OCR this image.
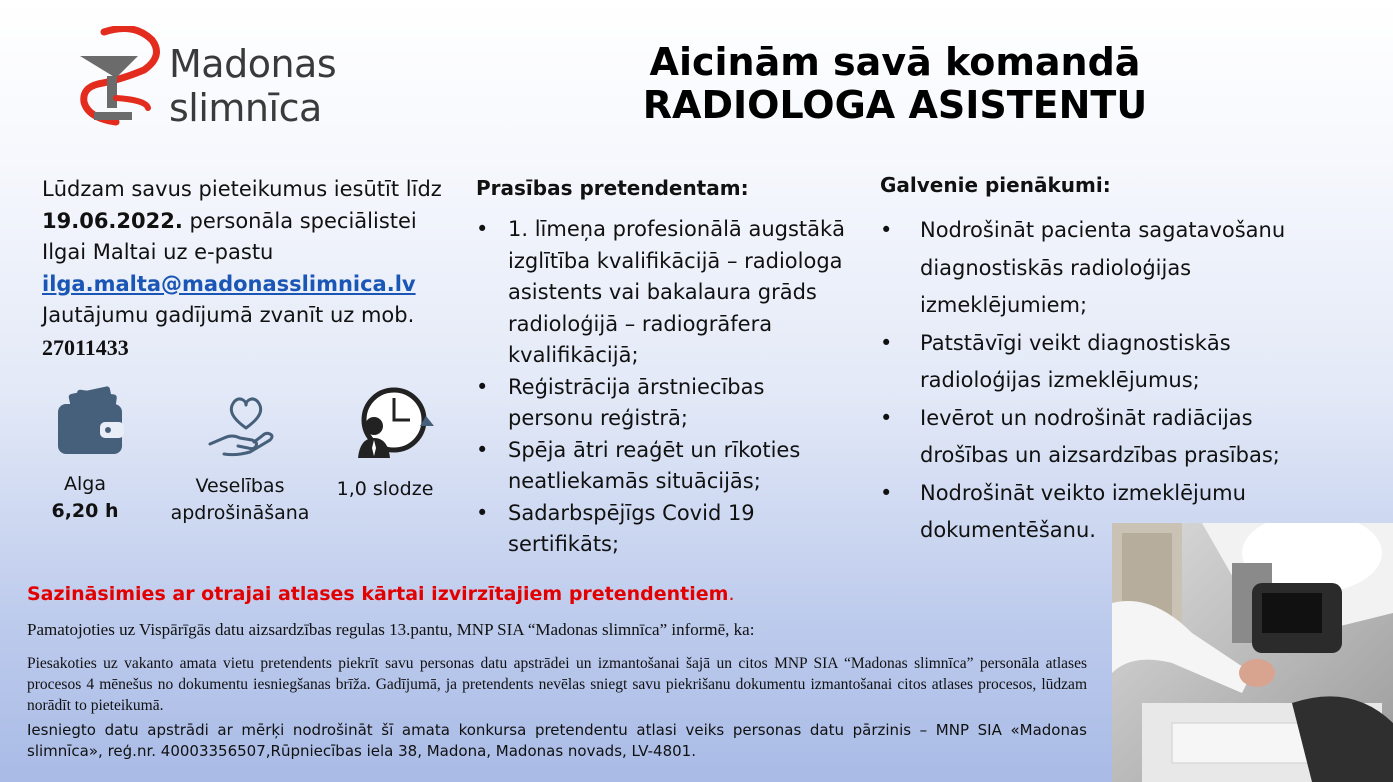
Madonas
slimnīca
Aicinām savā komandā
RADIOLOGA ASISTENTU
Lūdzam savus pieteikumus iesūtīt līdz
19.06.2022. personāla speciālistei
Ilgai Maltai uz e-pastu
ilga.malta@madonasslimnica.lv
Jautājumu gadījumā zvanīt uz mob.
27011433
Alga
6,20 h
Veselības
apdrošināšana
1,0 slodze
Prasības pretendentam:
• 1. līmeņa profesionālā augstākā izglītība kvalifikācijā – radiologa asistents vai bakalaura grāds radioloģijā – radiogrāfera kvalifikācijā;
• Reģistrācija ārstniecības personu reģistrā;
• Spēja ātri reaģēt un rīkoties neatliekamās situācijās;
• Sadarbspējīgs Covid 19 sertifikāts;
Galvenie pienākumi:
• Nodrošināt pacienta sagatavošanu diagnostiskās radioloģijas izmeklējumiem;
• Patstāvīgi veikt diagnostiskās radioloģijas izmeklējumus;
• Ievērot un nodrošināt radiācijas drošības un aizsardzības prasības;
• Nodrošināt veikto izmeklējumu dokumentēšanu.
Sazināsimies ar otrajai atlases kārtai izvirzītajiem pretendentiem.
Pamatojoties uz Vispārīgās datu aizsardzības regulas 13.pantu, MNP SIA “Madonas slimnīca” informē, ka:
Piesakoties uz vakanto amata vietu pretendents piekrīt savu personas datu apstrādei un izmantošanai šajā un citos MNP SIA “Madonas slimnīca” personāla atlases procesos 4 mēnešus no dokumentu iesniegšanas brīža. Gadījumā, ja pretendents nevēlas sniegt savu piekrišanu dokumentu izmantošanai citos atlases procesos, lūdzam norādīt to pieteikumā.
Iesniegto datu apstrādi ar mērķi nodrošināt šī amata konkursa pretendentu atlasi veiks personas datu pārzinis – MNP SIA «Madonas slimnīca», reģ.nr. 40003356507,Rūpniecības iela 38, Madona, Madonas novads, LV-4801.
